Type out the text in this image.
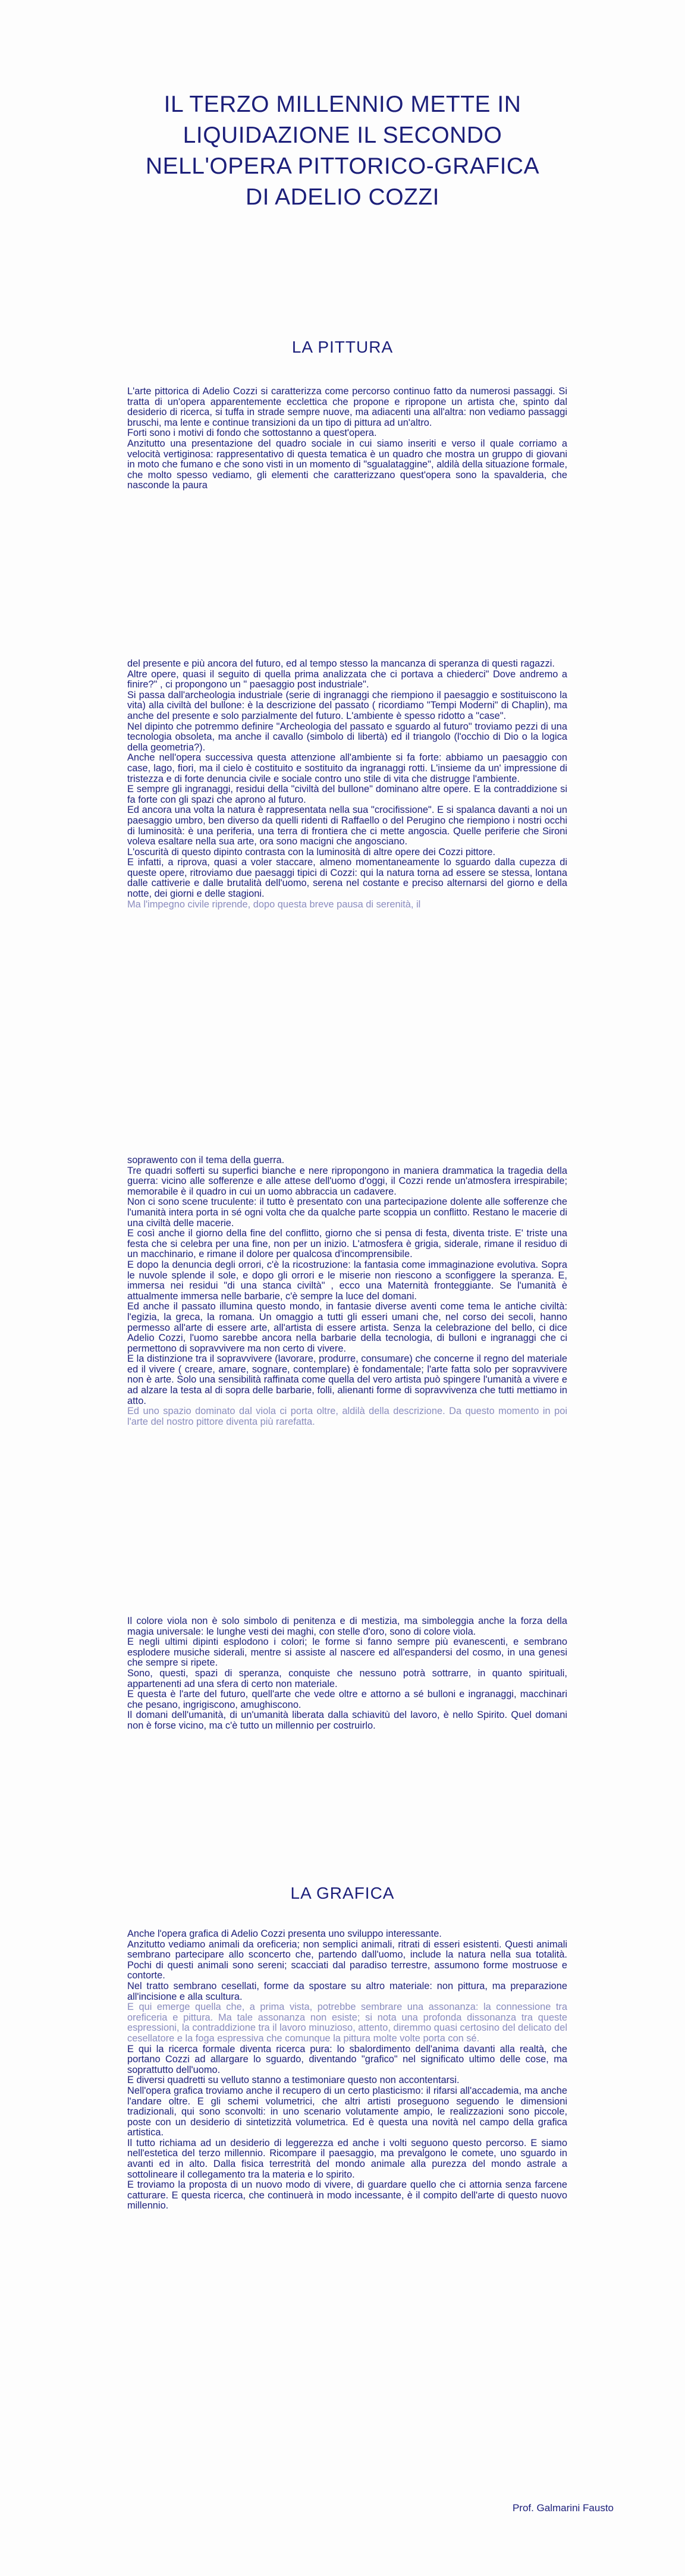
IL TERZO MILLENNIO METTE IN
LIQUIDAZIONE IL SECONDO
NELL'OPERA PITTORICO-GRAFICA
DI ADELIO COZZI
LA PITTURA

L'arte pittorica di Adelio Cozzi si caratterizza come percorso continuo fatto da numerosi passaggi. Si tratta di un'opera apparentemente ecclettica che propone e ripropone un artista che, spinto dal desiderio di ricerca, si tuffa in strade sempre nuove, ma adiacenti una all'altra: non vediamo passaggi bruschi, ma lente e continue transizioni da un tipo di pittura ad un'altro.

Forti sono i motivi di fondo che sottostanno a quest'opera.

Anzitutto una presentazione del quadro sociale in cui siamo inseriti e verso il quale corriamo a velocità vertiginosa: rappresentativo di questa tematica è un quadro che mostra un gruppo di giovani in moto che fumano e che sono visti in un momento di "sgualataggine", aldilà della situazione formale, che molto spesso vediamo, gli elementi che caratterizzano quest'opera sono la spavalderia, che nasconde la paura

del presente e più ancora del futuro, ed al tempo stesso la mancanza di speranza di questi ragazzi.

Altre opere, quasi il seguito di quella prima analizzata che ci portava a chiederci" Dove andremo a finire?" , ci propongono un " paesaggio post industriale".

Si passa dall'archeologia industriale (serie di ingranaggi che riempiono il paesaggio e sostituiscono la vita) alla civiltà del bullone: è la descrizione del passato ( ricordiamo "Tempi Moderni" di Chaplin), ma anche del presente e solo parzialmente del futuro. L'ambiente è spesso ridotto a "case".

Nel dipinto che potremmo definire "Archeologia del passato e sguardo al futuro" troviamo pezzi di una tecnologia obsoleta, ma anche il cavallo (simbolo di libertà) ed il triangolo (l'occhio di Dio o la logica della geometria?).

Anche nell'opera successiva questa attenzione all'ambiente si fa forte: abbiamo un paesaggio con case, lago, fiori, ma il cielo è costituito e sostituito da ingranaggi rotti. L'insieme da un' impressione di tristezza e di forte denuncia civile e sociale contro uno stile di vita che distrugge l'ambiente.

E sempre gli ingranaggi, residui della "civiltà del bullone" dominano altre opere. E la contraddizione si fa forte con gli spazi che aprono al futuro.

Ed ancora una volta la natura è rappresentata nella sua "crocifissione". E si spalanca davanti a noi un paesaggio umbro, ben diverso da quelli ridenti di Raffaello o del Perugino che riempiono i nostri occhi di luminosità: è una periferia, una terra di frontiera che ci mette angoscia. Quelle periferie che Sironi voleva esaltare nella sua arte, ora sono macigni che angosciano.

L'oscurità di questo dipinto contrasta con la luminosità di altre opere dei Cozzi pittore.

E infatti, a riprova, quasi a voler staccare, almeno momentaneamente lo sguardo dalla cupezza di queste opere, ritroviamo due paesaggi tipici di Cozzi: qui la natura torna ad essere se stessa, lontana dalle cattiverie e dalle brutalità dell'uomo, serena nel costante e preciso alternarsi del giorno e della notte, dei giorni e delle stagioni.

Ma l'impegno civile riprende, dopo questa breve pausa di serenità, il

soprawento con il tema della guerra.

Tre quadri sofferti su superfici bianche e nere ripropongono in maniera drammatica la tragedia della guerra: vicino alle sofferenze e alle attese dell'uomo d'oggi, il Cozzi rende un'atmosfera irrespirabile; memorabile è il quadro in cui un uomo abbraccia un cadavere.

Non ci sono scene truculente: il tutto è presentato con una partecipazione dolente alle sofferenze che l'umanità intera porta in sé ogni volta che da qualche parte scoppia un conflitto. Restano le macerie di una civiltà delle macerie.

E così anche il giorno della fine del conflitto, giorno che si pensa di festa, diventa triste. E' triste una festa che si celebra per una fine, non per un inizio. L'atmosfera è grigia, siderale, rimane il residuo di un macchinario, e rimane il dolore per qualcosa d'incomprensibile.

E dopo la denuncia degli orrori, c'è la ricostruzione: la fantasia come immaginazione evolutiva. Sopra le nuvole splende il sole, e dopo gli orrori e le miserie non riescono a sconfiggere la speranza. E, immersa nei residui "di una stanca civiltà" , ecco una Maternità fronteggiante. Se l'umanità è attualmente immersa nelle barbarie, c'è sempre la luce del domani.

Ed anche il passato illumina questo mondo, in fantasie diverse aventi come tema le antiche civiltà: l'egizia, la greca, la romana. Un omaggio a tutti gli esseri umani che, nel corso dei secoli, hanno permesso all'arte di essere arte, all'artista di essere artista. Senza la celebrazione del bello, ci dice Adelio Cozzi, l'uomo sarebbe ancora nella barbarie della tecnologia, di bulloni e ingranaggi che ci permettono di sopravvivere ma non certo di vivere.

E la distinzione tra il sopravvivere (lavorare, produrre, consumare) che concerne il regno del materiale ed il vivere ( creare, amare, sognare, contemplare) è fondamentale; l'arte fatta solo per sopravvivere non è arte. Solo una sensibilità raffinata come quella del vero artista può spingere l'umanità a vivere e ad alzare la testa al di sopra delle barbarie, folli, alienanti forme di sopravvivenza che tutti mettiamo in atto.

Ed uno spazio dominato dal viola ci porta oltre, aldilà della descrizione. Da questo momento in poi l'arte del nostro pittore diventa più rarefatta.

Il colore viola non è solo simbolo di penitenza e di mestizia, ma simboleggia anche la forza della magia universale: le lunghe vesti dei maghi, con stelle d'oro, sono di colore viola.

E negli ultimi dipinti esplodono i colori; le forme si fanno sempre più evanescenti, e sembrano esplodere musiche siderali, mentre si assiste al nascere ed all'espandersi del cosmo, in una genesi che sempre si ripete.

Sono, questi, spazi di speranza, conquiste che nessuno potrà sottrarre, in quanto spirituali, appartenenti ad una sfera di certo non materiale.

E questa è l'arte del futuro, quell'arte che vede oltre e attorno a sé bulloni e ingranaggi, macchinari che pesano, ingrigiscono, amughiscono.

Il domani dell'umanità, di un'umanità liberata dalla schiavitù del lavoro, è nello Spirito. Quel domani non è forse vicino, ma c'è tutto un millennio per costruirlo.

LA GRAFICA

Anche l'opera grafica di Adelio Cozzi presenta uno sviluppo interessante.

Anzitutto vediamo animali da oreficeria; non semplici animali, ritrati di esseri esistenti. Questi animali sembrano partecipare allo sconcerto che, partendo dall'uomo, include la natura nella sua totalità. Pochi di questi animali sono sereni; scacciati dal paradiso terrestre, assumono forme mostruose e contorte.

Nel tratto sembrano cesellati, forme da spostare su altro materiale: non pittura, ma preparazione all'incisione e alla scultura.

E qui emerge quella che, a prima vista, potrebbe sembrare una assonanza: la connessione tra oreficeria e pittura. Ma tale assonanza non esiste; si nota una profonda dissonanza tra queste espressioni, la contraddizione tra il lavoro minuzioso, attento, diremmo quasi certosino del delicato del cesellatore e la foga espressiva che comunque la pittura molte volte porta con sé.

E qui la ricerca formale diventa ricerca pura: lo sbalordimento dell'anima davanti alla realtà, che portano Cozzi ad allargare lo sguardo, diventando "grafico" nel significato ultimo delle cose, ma soprattutto dell'uomo.

E diversi quadretti su velluto stanno a testimoniare questo non accontentarsi.

Nell'opera grafica troviamo anche il recupero di un certo plasticismo: il rifarsi all'accademia, ma anche l'andare oltre. E gli schemi volumetrici, che altri artisti proseguono seguendo le dimensioni tradizionali, qui sono sconvolti: in uno scenario volutamente ampio, le realizzazioni sono piccole, poste con un desiderio di sintetizzità volumetrica. Ed è questa una novità nel campo della grafica artistica.

Il tutto richiama ad un desiderio di leggerezza ed anche i volti seguono questo percorso. E siamo nell'estetica del terzo millennio. Ricompare il paesaggio, ma prevalgono le comete, uno sguardo in avanti ed in alto. Dalla fisica terrestrità del mondo animale alla purezza del mondo astrale a sottolineare il collegamento tra la materia e lo spirito.

E troviamo la proposta di un nuovo modo di vivere, di guardare quello che ci attornia senza farcene catturare. E questa ricerca, che continuerà in modo incessante, è il compito dell'arte di questo nuovo millennio.

Prof. Galmarini Fausto
